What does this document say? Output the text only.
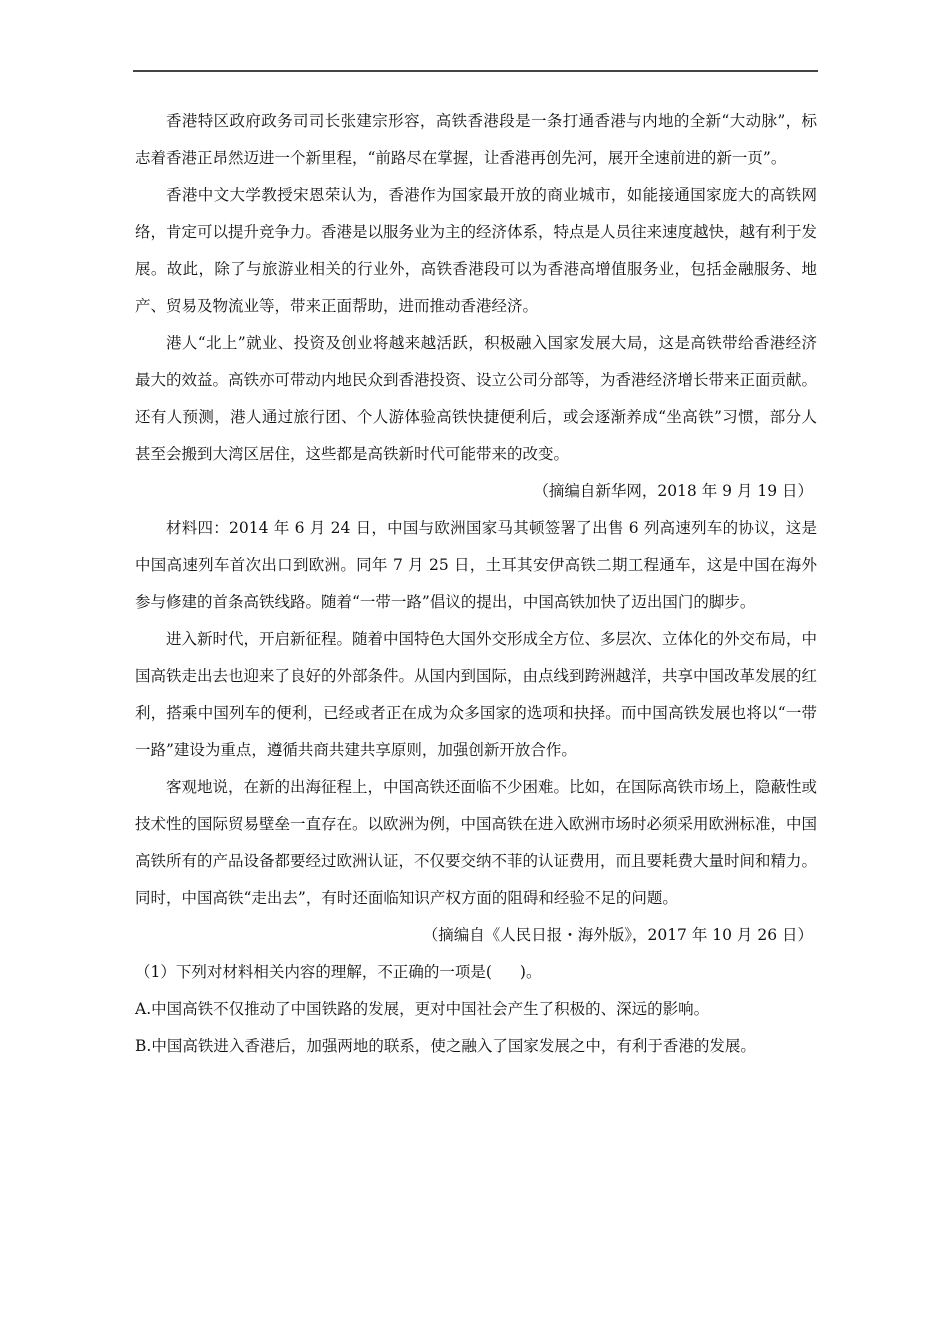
香港特区政府政务司司长张建宗形容，高铁香港段是一条打通香港与内地的全新“大动脉”，标志着香港正昂然迈进一个新里程，“前路尽在掌握，让香港再创先河，展开全速前进的新一页”。

香港中文大学教授宋恩荣认为，香港作为国家最开放的商业城市，如能接通国家庞大的高铁网络，肯定可以提升竞争力。香港是以服务业为主的经济体系，特点是人员往来速度越快，越有利于发展。故此，除了与旅游业相关的行业外，高铁香港段可以为香港高增值服务业，包括金融服务、地产、贸易及物流业等，带来正面帮助，进而推动香港经济。

港人“北上”就业、投资及创业将越来越活跃，积极融入国家发展大局，这是高铁带给香港经济最大的效益。高铁亦可带动内地民众到香港投资、设立公司分部等，为香港经济增长带来正面贡献。还有人预测，港人通过旅行团、个人游体验高铁快捷便利后，或会逐渐养成“坐高铁”习惯，部分人甚至会搬到大湾区居住，这些都是高铁新时代可能带来的改变。

（摘编自新华网，2018 年 9 月 19 日）

材料四：2014 年 6 月 24 日，中国与欧洲国家马其顿签署了出售 6 列高速列车的协议，这是中国高速列车首次出口到欧洲。同年 7 月 25 日，土耳其安伊高铁二期工程通车，这是中国在海外参与修建的首条高铁线路。随着“一带一路”倡议的提出，中国高铁加快了迈出国门的脚步。

进入新时代，开启新征程。随着中国特色大国外交形成全方位、多层次、立体化的外交布局，中国高铁走出去也迎来了良好的外部条件。从国内到国际，由点线到跨洲越洋，共享中国改革发展的红利，搭乘中国列车的便利，已经或者正在成为众多国家的选项和抉择。而中国高铁发展也将以“一带一路”建设为重点，遵循共商共建共享原则，加强创新开放合作。

客观地说，在新的出海征程上，中国高铁还面临不少困难。比如，在国际高铁市场上，隐蔽性或技术性的国际贸易壁垒一直存在。以欧洲为例，中国高铁在进入欧洲市场时必须采用欧洲标准，中国高铁所有的产品设备都要经过欧洲认证，不仅要交纳不菲的认证费用，而且要耗费大量时间和精力。同时，中国高铁“走出去”，有时还面临知识产权方面的阻碍和经验不足的问题。

（摘编自《人民日报・海外版》，2017 年 10 月 26 日）

（1）下列对材料相关内容的理解，不正确的一项是( )。

A.中国高铁不仅推动了中国铁路的发展，更对中国社会产生了积极的、深远的影响。

B.中国高铁进入香港后，加强两地的联系，使之融入了国家发展之中，有利于香港的发展。
